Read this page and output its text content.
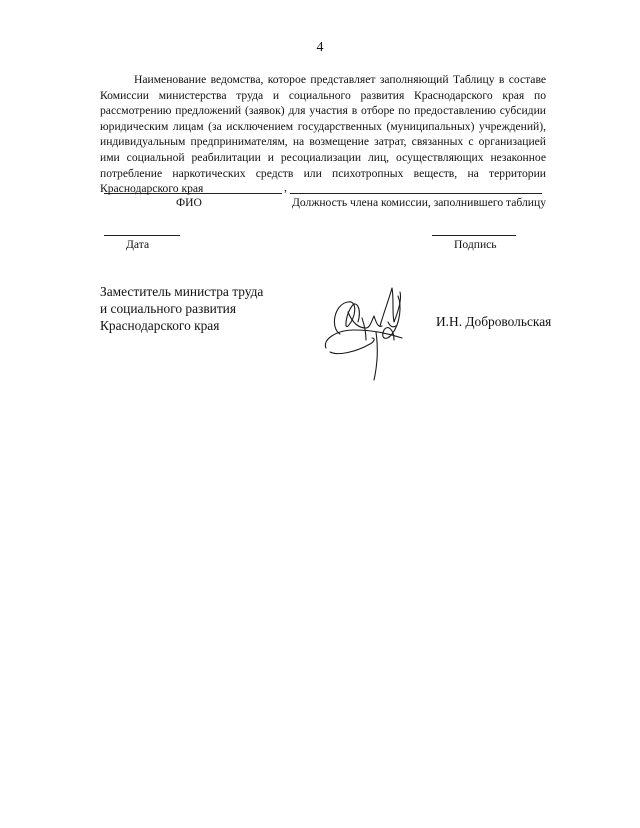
4

Наименование ведомства, которое представляет заполняющий Таблицу в составе Комиссии министерства труда и социального развития Краснодарского края по рассмотрению предложений (заявок) для участия в отборе по предоставлению субсидии юридическим лицам (за исключением государственных (муниципальных) учреждений), индивидуальным предпринимателям, на возмещение затрат, связанных с организацией ими социальной реабилитации и ресоциализации лиц, осуществляющих незаконное потребление наркотических средств или психотропных веществ, на территории Краснодарского края	,
ФИО	Должность члена комиссии, заполнившего таблицу
Дата	Подпись
Заместитель министра труда
и социального развития
Краснодарского края	И.Н. Добровольская
